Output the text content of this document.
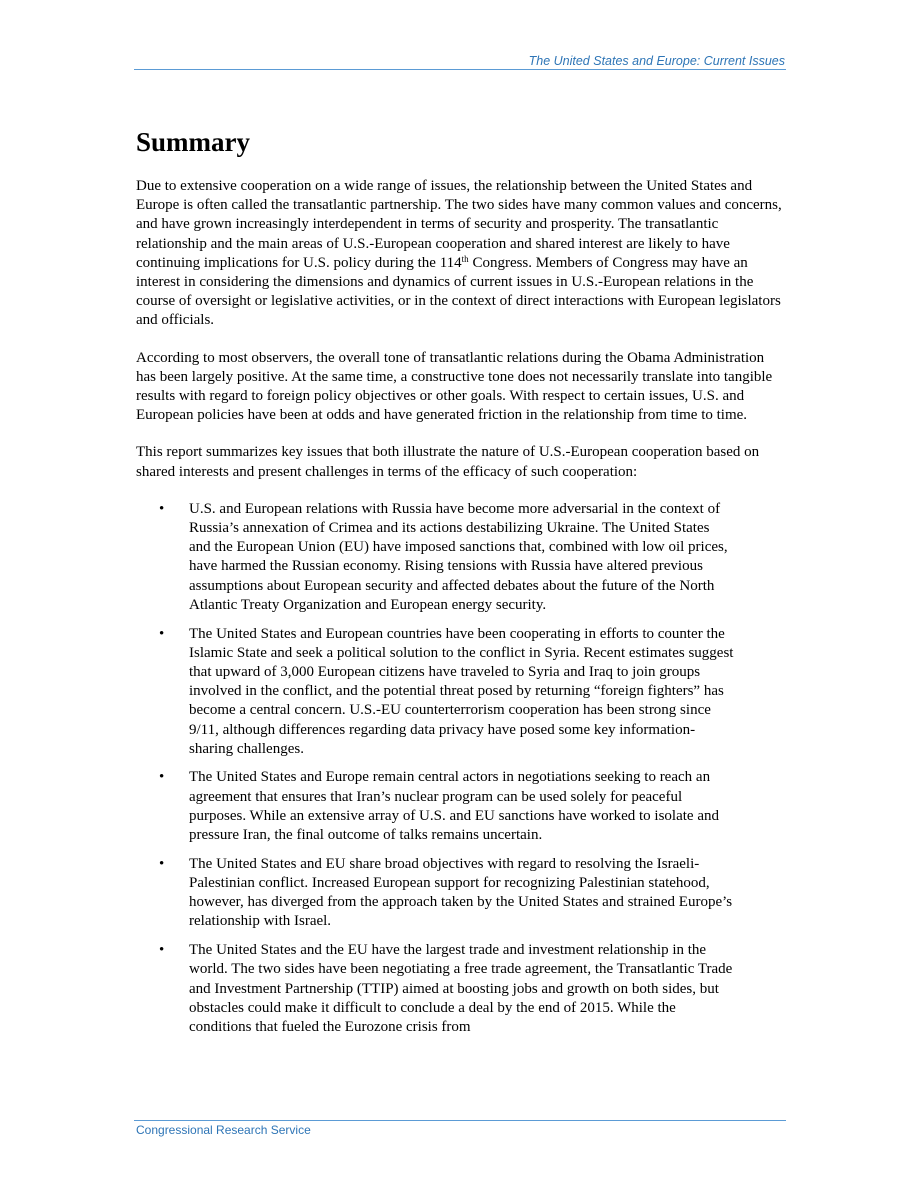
The United States and Europe: Current Issues
Summary

Due to extensive cooperation on a wide range of issues, the relationship between the United States and Europe is often called the transatlantic partnership. The two sides have many common values and concerns, and have grown increasingly interdependent in terms of security and prosperity. The transatlantic relationship and the main areas of U.S.-European cooperation and shared interest are likely to have continuing implications for U.S. policy during the 114th Congress. Members of Congress may have an interest in considering the dimensions and dynamics of current issues in U.S.-European relations in the course of oversight or legislative activities, or in the context of direct interactions with European legislators and officials.

According to most observers, the overall tone of transatlantic relations during the Obama Administration has been largely positive. At the same time, a constructive tone does not necessarily translate into tangible results with regard to foreign policy objectives or other goals. With respect to certain issues, U.S. and European policies have been at odds and have generated friction in the relationship from time to time.

This report summarizes key issues that both illustrate the nature of U.S.-European cooperation based on shared interests and present challenges in terms of the efficacy of such cooperation:

•	U.S. and European relations with Russia have become more adversarial in the context of Russia’s annexation of Crimea and its actions destabilizing Ukraine. The United States and the European Union (EU) have imposed sanctions that, combined with low oil prices, have harmed the Russian economy. Rising tensions with Russia have altered previous assumptions about European security and affected debates about the future of the North Atlantic Treaty Organization and European energy security.
•	The United States and European countries have been cooperating in efforts to counter the Islamic State and seek a political solution to the conflict in Syria. Recent estimates suggest that upward of 3,000 European citizens have traveled to Syria and Iraq to join groups involved in the conflict, and the potential threat posed by returning “foreign fighters” has become a central concern. U.S.-EU counterterrorism cooperation has been strong since 9/11, although differences regarding data privacy have posed some key information-sharing challenges.
•	The United States and Europe remain central actors in negotiations seeking to reach an agreement that ensures that Iran’s nuclear program can be used solely for peaceful purposes. While an extensive array of U.S. and EU sanctions have worked to isolate and pressure Iran, the final outcome of talks remains uncertain.
•	The United States and EU share broad objectives with regard to resolving the Israeli-Palestinian conflict. Increased European support for recognizing Palestinian statehood, however, has diverged from the approach taken by the United States and strained Europe’s relationship with Israel.
•	The United States and the EU have the largest trade and investment relationship in the world. The two sides have been negotiating a free trade agreement, the Transatlantic Trade and Investment Partnership (TTIP) aimed at boosting jobs and growth on both sides, but obstacles could make it difficult to conclude a deal by the end of 2015. While the conditions that fueled the Eurozone crisis from
Congressional Research Service
